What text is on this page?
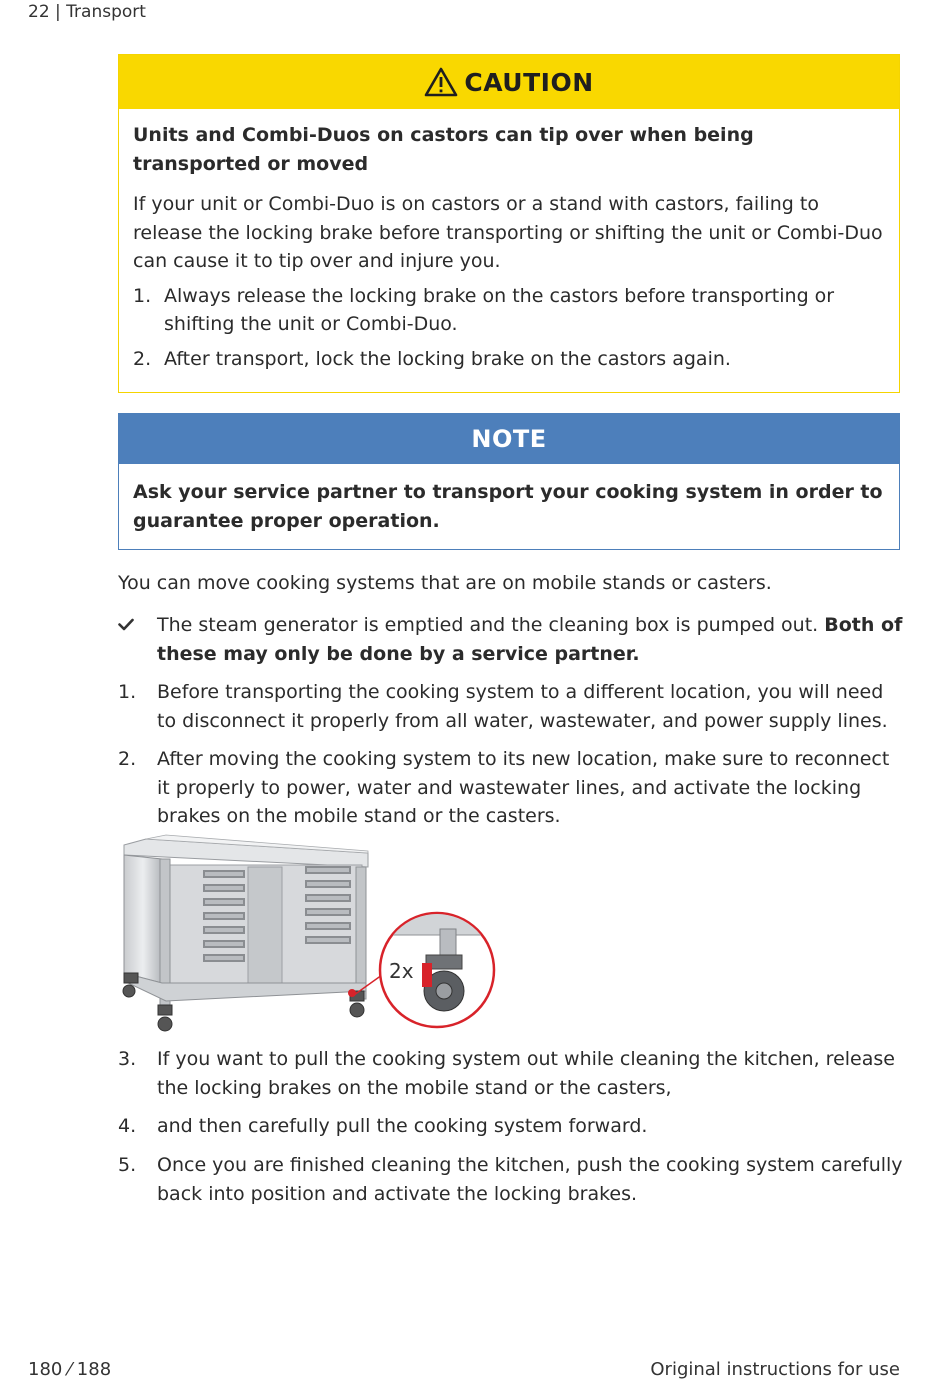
22 | Transport
CAUTION

Units and Combi-Duos on castors can tip over when being transported or moved

If your unit or Combi-Duo is on castors or a stand with castors, failing to release the locking brake before transporting or shifting the unit or Combi-Duo can cause it to tip over and injure you.

1. Always release the locking brake on the castors before transporting or shifting the unit or Combi-Duo.
2. After transport, lock the locking brake on the castors again.
NOTE

Ask your service partner to transport your cooking system in order to guarantee proper operation.

You can move cooking systems that are on mobile stands or casters.

The steam generator is emptied and the cleaning box is pumped out. Both of these may only be done by a service partner.
1.	Before transporting the cooking system to a different location, you will need to disconnect it properly from all water, wastewater, and power supply lines.
2.	After moving the cooking system to its new location, make sure to reconnect it properly to power, water and wastewater lines, and activate the locking brakes on the mobile stand or the casters.
2x
3.	If you want to pull the cooking system out while cleaning the kitchen, release the locking brakes on the mobile stand or the casters,
4.	and then carefully pull the cooking system forward.
5.	Once you are finished cleaning the kitchen, push the cooking system carefully back into position and activate the locking brakes.
180 ⁄ 188	Original instructions for use
